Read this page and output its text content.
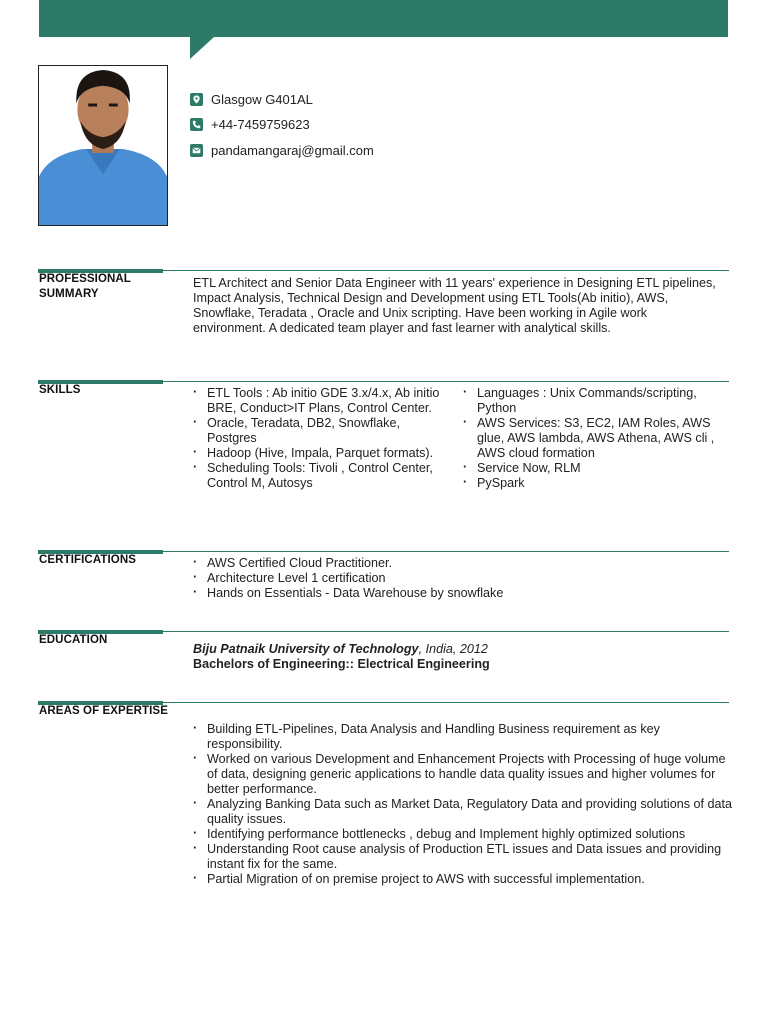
Glasgow G401AL
+44-7459759623
pandamangaraj@gmail.com
PROFESSIONAL
SUMMARY
ETL Architect and Senior Data Engineer with 11 years' experience in Designing ETL pipelines, Impact Analysis, Technical Design and Development using ETL Tools(Ab initio), AWS, Snowflake, Teradata , Oracle and Unix scripting. Have been working in Agile work environment. A dedicated team player and fast learner with analytical skills.
SKILLS	· ETL Tools : Ab initio GDE 3.x/4.x, Ab initio BRE, Conduct>IT Plans, Control Center.
· Oracle, Teradata, DB2, Snowflake, Postgres
· Hadoop (Hive, Impala, Parquet formats).
· Scheduling Tools: Tivoli , Control Center, Control M, Autosys
· Languages : Unix Commands/scripting, Python
· AWS Services: S3, EC2, IAM Roles, AWS glue, AWS lambda, AWS Athena, AWS cli , AWS cloud formation
· Service Now, RLM
· PySpark
CERTIFICATIONS	· AWS Certified Cloud Practitioner.
· Architecture Level 1 certification
· Hands on Essentials - Data Warehouse by snowflake
EDUCATION
Biju Patnaik University of Technology, India, 2012
Bachelors of Engineering:: Electrical Engineering
AREAS OF EXPERTISE
· Building ETL-Pipelines, Data Analysis and Handling Business requirement as key responsibility.
· Worked on various Development and Enhancement Projects with Processing of huge volume of data, designing generic applications to handle data quality issues and higher volumes for better performance.
· Analyzing Banking Data such as Market Data, Regulatory Data and providing solutions of data quality issues.
· Identifying performance bottlenecks , debug and Implement highly optimized solutions
· Understanding Root cause analysis of Production ETL issues and Data issues and providing instant fix for the same.
· Partial Migration of on premise project to AWS with successful implementation.
